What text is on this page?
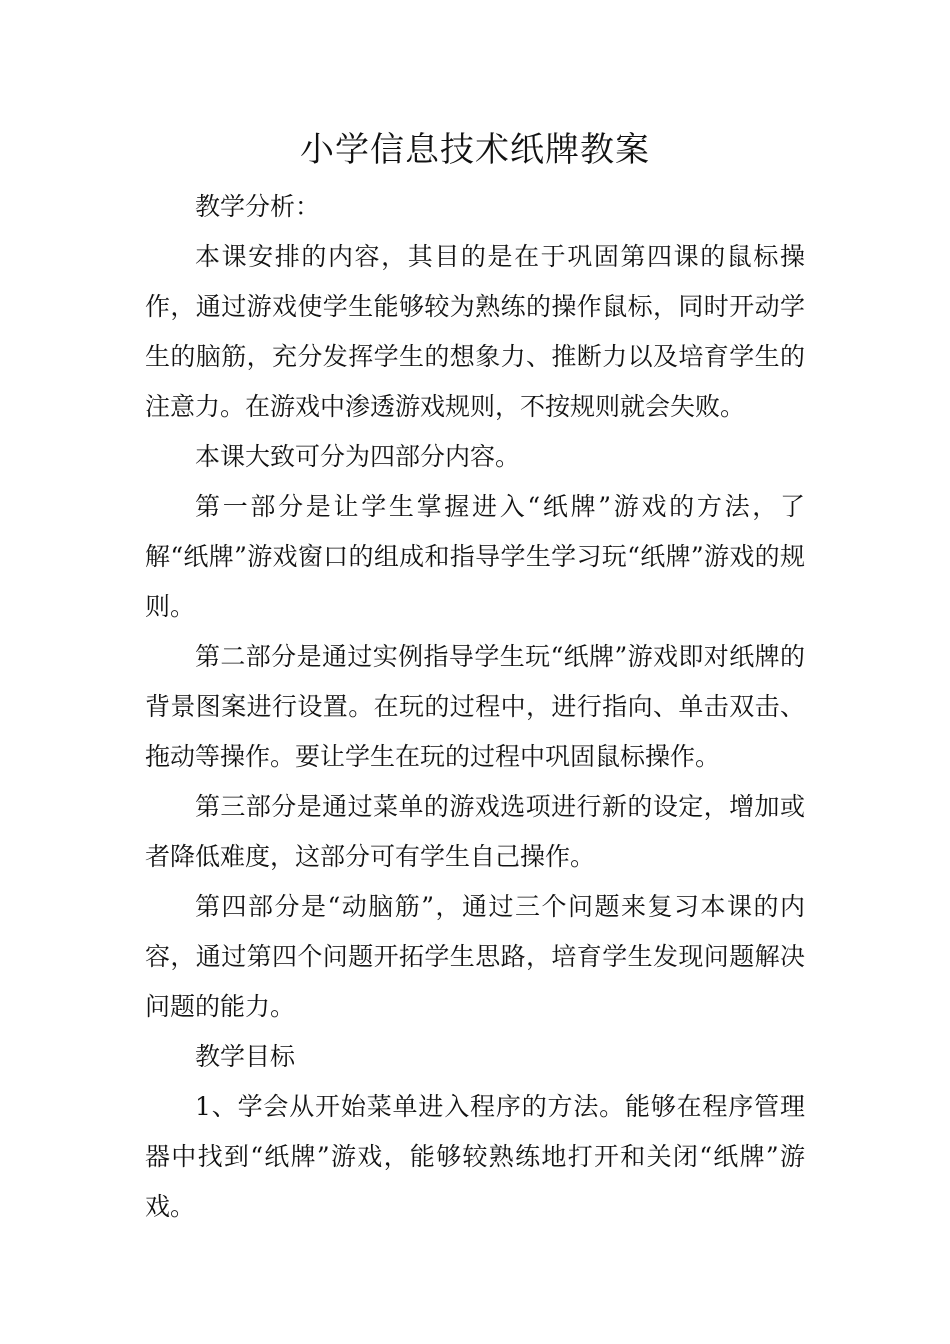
小学信息技术纸牌教案

教学分析：

本课安排的内容，其目的是在于巩固第四课的鼠标操作，通过游戏使学生能够较为熟练的操作鼠标，同时开动学生的脑筋，充分发挥学生的想象力、推断力以及培育学生的注意力。在游戏中渗透游戏规则，不按规则就会失败。

本课大致可分为四部分内容。

第一部分是让学生掌握进入“纸牌”游戏的方法，了解“纸牌”游戏窗口的组成和指导学生学习玩“纸牌”游戏的规则。

第二部分是通过实例指导学生玩“纸牌”游戏即对纸牌的背景图案进行设置。在玩的过程中，进行指向、单击双击、拖动等操作。要让学生在玩的过程中巩固鼠标操作。

第三部分是通过菜单的游戏选项进行新的设定，增加或者降低难度，这部分可有学生自己操作。

第四部分是“动脑筋”，通过三个问题来复习本课的内容，通过第四个问题开拓学生思路，培育学生发现问题解决问题的能力。

教学目标

1、学会从开始菜单进入程序的方法。能够在程序管理器中找到“纸牌”游戏，能够较熟练地打开和关闭“纸牌”游戏。
